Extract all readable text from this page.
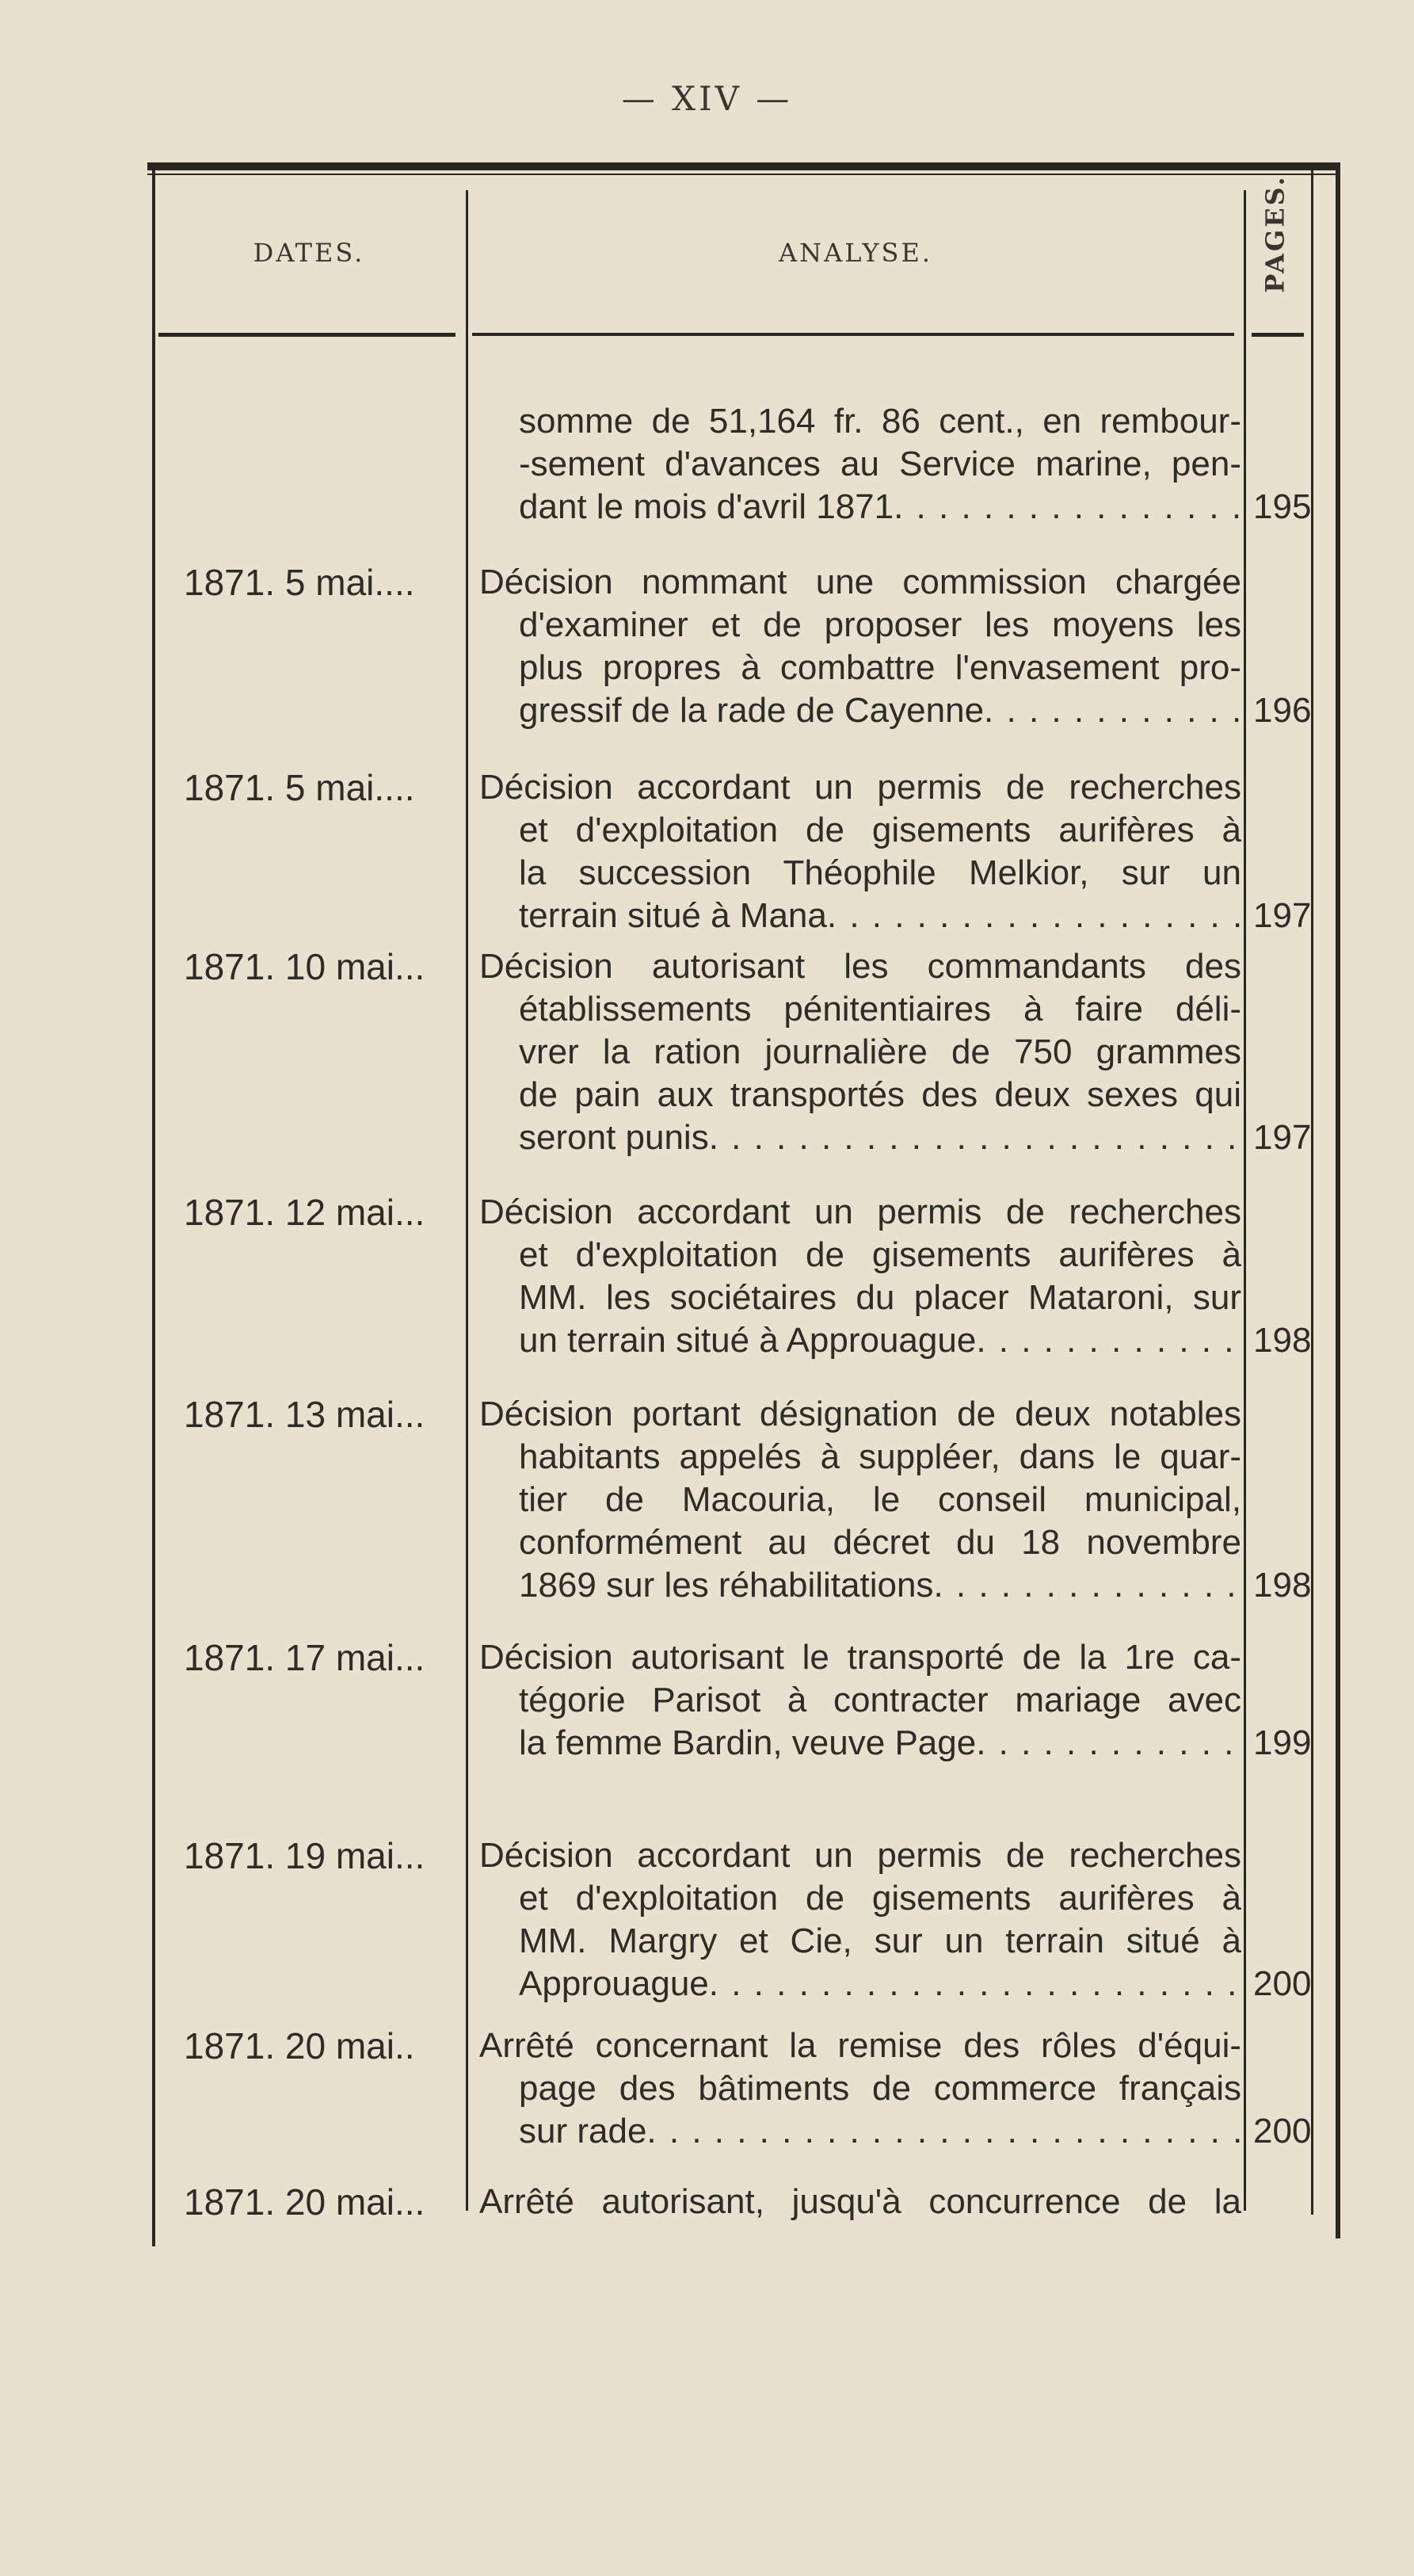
— XIV —
DATES.	ANALYSE.	PAGES.
somme de 51,164 fr. 86 cent., en rembour-
-sement d'avances au Service marine, pen-
dant le mois d'avril 1871 . . .	195
1871. 5 mai.... Décision nommant une commission chargée
d'examiner et de proposer les moyens les
plus propres à combattre l'envasement pro-
gressif de la rade de Cayenne . . .	196
1871. 5 mai.... Décision accordant un permis de recherches
et d'exploitation de gisements aurifères à
la succession Théophile Melkior, sur un
terrain situé à Mana . . .	197
1871. 10 mai... Décision autorisant les commandants des
établissements pénitentiaires à faire déli-
vrer la ration journalière de 750 grammes
de pain aux transportés des deux sexes qui
seront punis . . .	197
1871. 12 mai... Décision accordant un permis de recherches
et d'exploitation de gisements aurifères à
MM. les sociétaires du placer Mataroni, sur
un terrain situé à Approuague . . .	198
1871. 13 mai... Décision portant désignation de deux notables
habitants appelés à suppléer, dans le quar-
tier de Macouria, le conseil municipal,
conformément au décret du 18 novembre
1869 sur les réhabilitations . . .	198
1871. 17 mai... Décision autorisant le transporté de la 1re ca-
tégorie Parisot à contracter mariage avec
la femme Bardin, veuve Page . . .	199
1871. 19 mai... Décision accordant un permis de recherches
et d'exploitation de gisements aurifères à
MM. Margry et Cie, sur un terrain situé à
Approuague . . .	200
1871. 20 mai.. Arrêté concernant la remise des rôles d'équi-
page des bâtiments de commerce français
sur rade . . .	200
1871. 20 mai... Arrêté autorisant, jusqu'à concurrence de la
